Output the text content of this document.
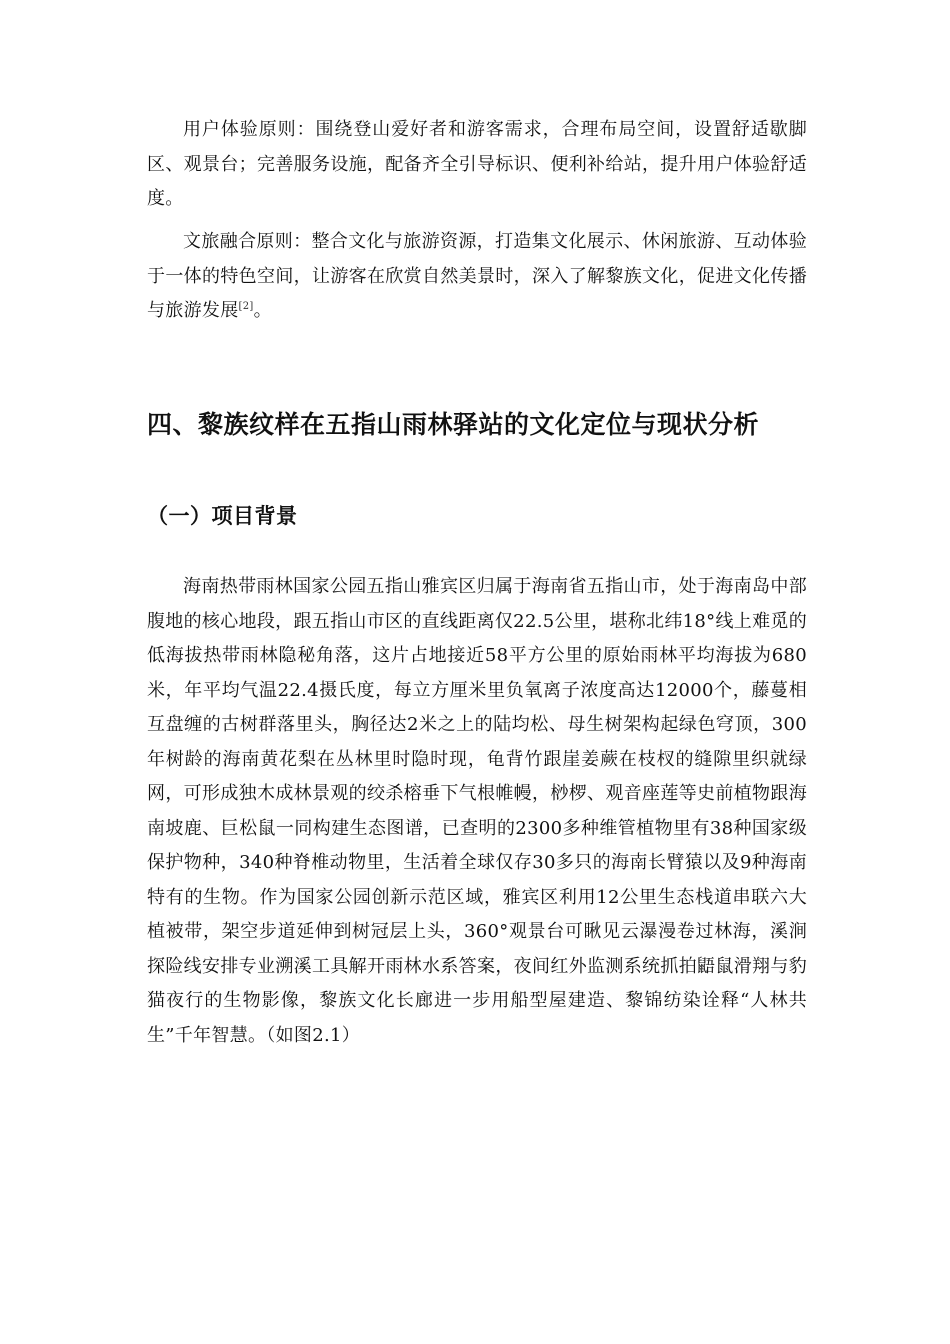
用户体验原则：围绕登山爱好者和游客需求，合理布局空间，设置舒适歇脚区、观景台；完善服务设施，配备齐全引导标识、便利补给站，提升用户体验舒适度。

文旅融合原则：整合文化与旅游资源，打造集文化展示、休闲旅游、互动体验于一体的特色空间，让游客在欣赏自然美景时，深入了解黎族文化，促进文化传播与旅游发展[2]。

四、黎族纹样在五指山雨林驿站的文化定位与现状分析
（一）项目背景

海南热带雨林国家公园五指山雅宾区归属于海南省五指山市，处于海南岛中部腹地的核心地段，跟五指山市区的直线距离仅22.5公里，堪称北纬18°线上难觅的低海拔热带雨林隐秘角落，这片占地接近58平方公里的原始雨林平均海拔为680米，年平均气温22.4摄氏度，每立方厘米里负氧离子浓度高达12000个，藤蔓相互盘缠的古树群落里头，胸径达2米之上的陆均松、母生树架构起绿色穹顶，300年树龄的海南黄花梨在丛林里时隐时现，龟背竹跟崖姜蕨在枝杈的缝隙里织就绿网，可形成独木成林景观的绞杀榕垂下气根帷幔，桫椤、观音座莲等史前植物跟海南坡鹿、巨松鼠一同构建生态图谱，已查明的2300多种维管植物里有38种国家级保护物种，340种脊椎动物里，生活着全球仅存30多只的海南长臂猿以及9种海南特有的生物。作为国家公园创新示范区域，雅宾区利用12公里生态栈道串联六大植被带，架空步道延伸到树冠层上头，360°观景台可瞅见云瀑漫卷过林海，溪涧探险线安排专业溯溪工具解开雨林水系答案，夜间红外监测系统抓拍鼯鼠滑翔与豹猫夜行的生物影像，黎族文化长廊进一步用船型屋建造、黎锦纺染诠释“人林共生”千年智慧。（如图2.1）
